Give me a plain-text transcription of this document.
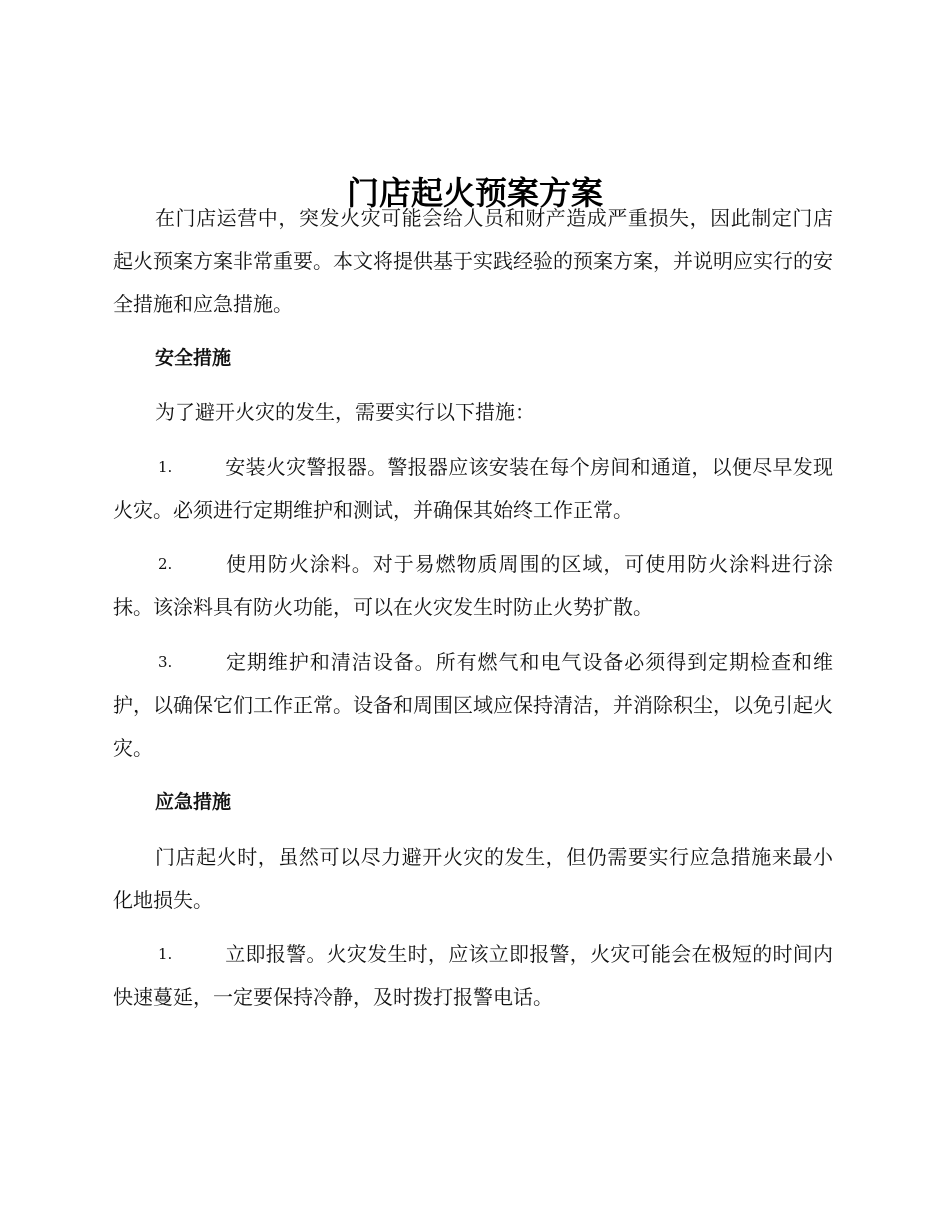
门店起火预案方案

在门店运营中，突发火灾可能会给人员和财产造成严重损失，因此制定门店起火预案方案非常重要。本文将提供基于实践经验的预案方案，并说明应实行的安全措施和应急措施。

安全措施

为了避开火灾的发生，需要实行以下措施：

1.	安装火灾警报器。警报器应该安装在每个房间和通道，以便尽早发现火灾。必须进行定期维护和测试，并确保其始终工作正常。

2.	使用防火涂料。对于易燃物质周围的区域，可使用防火涂料进行涂抹。该涂料具有防火功能，可以在火灾发生时防止火势扩散。

3.	定期维护和清洁设备。所有燃气和电气设备必须得到定期检查和维护，以确保它们工作正常。设备和周围区域应保持清洁，并消除积尘，以免引起火灾。

应急措施

门店起火时，虽然可以尽力避开火灾的发生，但仍需要实行应急措施来最小化地损失。

1.	立即报警。火灾发生时，应该立即报警，火灾可能会在极短的时间内快速蔓延，一定要保持冷静，及时拨打报警电话。
